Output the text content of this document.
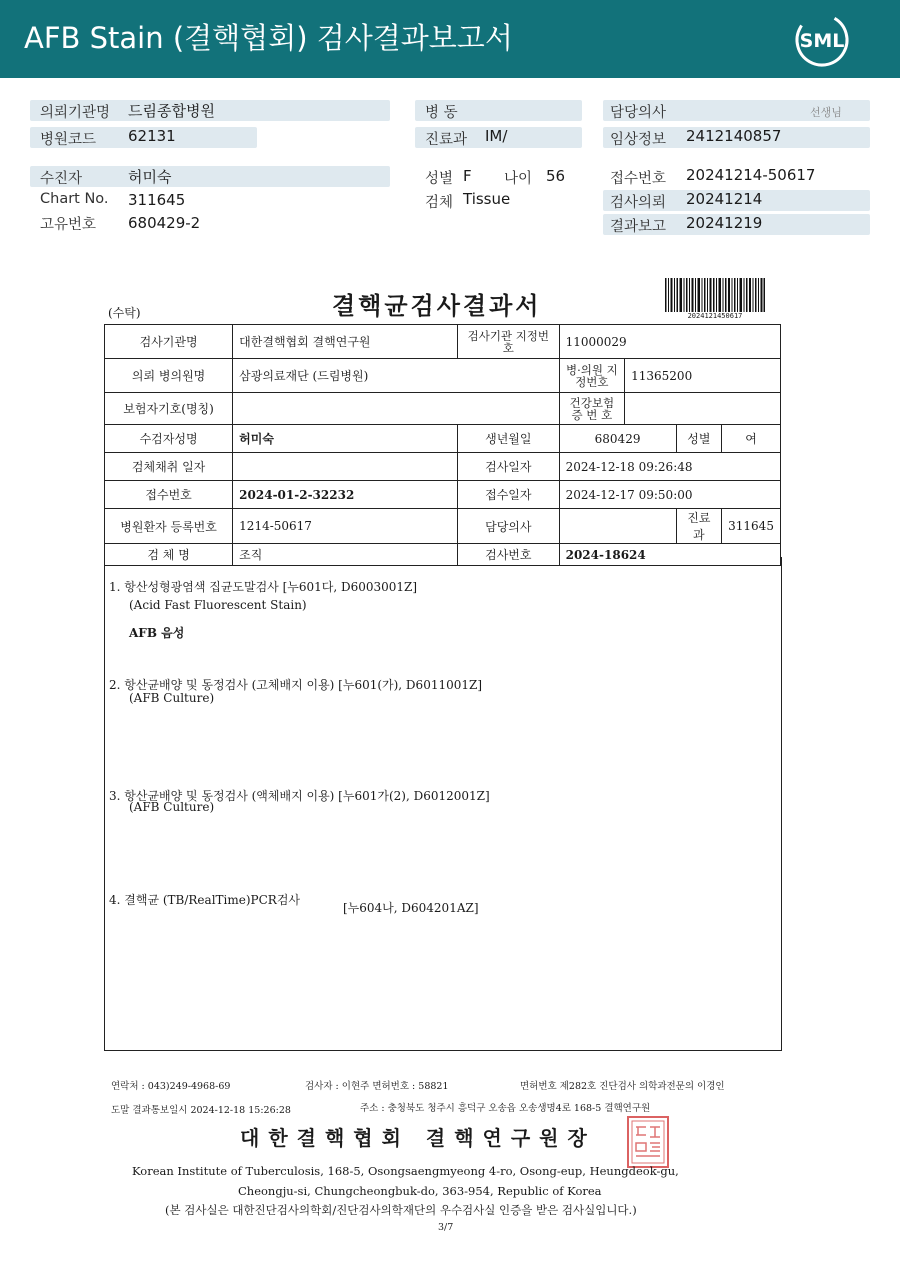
AFB Stain (결핵협회) 검사결과보고서	SML
의뢰기관명 드림종합병원
병원코드 62131
병 동
진료과 IM/
담당의사	선생님
임상정보 2412140857
수진자	허미숙
Chart No. 311645
고유번호 680429-2
성별 F 나이 56
검체 Tissue
접수번호 20241214-50617
검사의뢰 20241214
결과보고 20241219
(수탁)	결핵균검사결과서	2024121450617
검사기관명	대한결핵협회 결핵연구원	검사기관 지정번호	11000029			
의뢰 병의원명	삼광의료재단 (드림병원)		병·의원 지정번호	11365200		
보험자기호(명칭)			건강보험 증 번 호			
수검자성명	허미숙	생년월일	680429		성별	여
검체채취 일자		검사일자	2024-12-18 09:26:48			
접수번호	2024-01-2-32232	접수일자	2024-12-17 09:50:00			
병원환자 등록번호	1214-50617	담당의사			진료과	311645
검 체 명	조직	검사번호	2024-18624			
1. 항산성형광염색 집균도말검사 [누601다, D6003001Z]
(Acid Fast Fluorescent Stain)
AFB 음성
2. 항산균배양 및 동정검사 (고체배지 이용) [누601(가), D6011001Z]
(AFB Culture)
3. 항산균배양 및 동정검사 (액체배지 이용) [누601가(2), D6012001Z]
(AFB Culture)
4. 결핵균 (TB/RealTime)PCR검사
[누604나, D604201AZ]
연락처 : 043)249-4968-69	검사자 : 이현주 면허번호 : 58821	면허번호 제282호 진단검사 의학과전문의 이경인
도말 결과통보일시 2024-12-18 15:26:28	주소 : 충청북도 청주시 흥덕구 오송읍 오송생명4로 168-5 결핵연구원
대한결핵협회 결핵연구원장
Korean Institute of Tuberculosis, 168-5, Osongsaengmyeong 4-ro, Osong-eup, Heungdeok-gu,
Cheongju-si, Chungcheongbuk-do, 363-954, Republic of Korea
(본 검사실은 대한진단검사의학회/진단검사의학재단의 우수검사실 인증을 받은 검사실입니다.)
3/7
